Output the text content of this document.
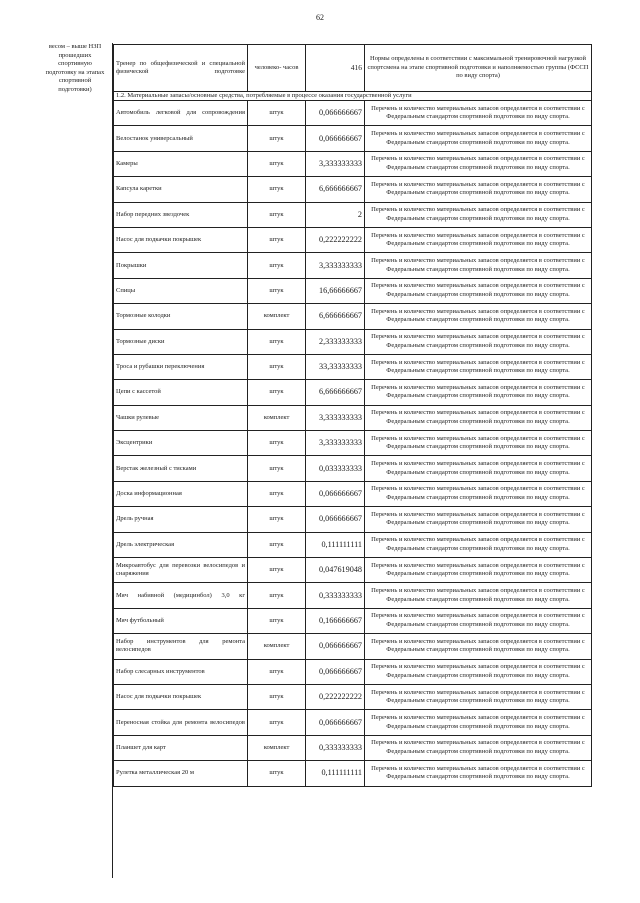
62
весом – выше НЗП
прошедших
спортивную
подготовку на этапах
спортивной
подготовки)
Тренер по общефизической и специальной физической подготовке	человеко- часов	416	Нормы определены в соответствии с максимальной тренировочной нагрузкой спортсмена на этапе спортивной подготовки и наполняемостью группы (ФССП по виду спорта)
1.2. Материальные запасы/основные средства, потребляемые в процессе оказания государственной услуги			
Автомобиль легковой для сопровождения	штук	0,066666667	Перечень и количество материальных запасов определяется в соответствии с Федеральным стандартом спортивной подготовки по виду спорта.
Велостанок универсальный	штук	0,066666667	Перечень и количество материальных запасов определяется в соответствии с Федеральным стандартом спортивной подготовки по виду спорта.
Камеры	штук	3,333333333	Перечень и количество материальных запасов определяется в соответствии с Федеральным стандартом спортивной подготовки по виду спорта.
Капсула каретки	штук	6,666666667	Перечень и количество материальных запасов определяется в соответствии с Федеральным стандартом спортивной подготовки по виду спорта.
Набор передних звездочек	штук	2	Перечень и количество материальных запасов определяется в соответствии с Федеральным стандартом спортивной подготовки по виду спорта.
Насос для подкачки покрышек	штук	0,222222222	Перечень и количество материальных запасов определяется в соответствии с Федеральным стандартом спортивной подготовки по виду спорта.
Покрышки	штук	3,333333333	Перечень и количество материальных запасов определяется в соответствии с Федеральным стандартом спортивной подготовки по виду спорта.
Спицы	штук	16,66666667	Перечень и количество материальных запасов определяется в соответствии с Федеральным стандартом спортивной подготовки по виду спорта.
Тормозные колодки	комплект	6,666666667	Перечень и количество материальных запасов определяется в соответствии с Федеральным стандартом спортивной подготовки по виду спорта.
Тормозные диски	штук	2,333333333	Перечень и количество материальных запасов определяется в соответствии с Федеральным стандартом спортивной подготовки по виду спорта.
Троса и рубашки переключения	штук	33,33333333	Перечень и количество материальных запасов определяется в соответствии с Федеральным стандартом спортивной подготовки по виду спорта.
Цепи с кассетой	штук	6,666666667	Перечень и количество материальных запасов определяется в соответствии с Федеральным стандартом спортивной подготовки по виду спорта.
Чашки рулевые	комплект	3,333333333	Перечень и количество материальных запасов определяется в соответствии с Федеральным стандартом спортивной подготовки по виду спорта.
Эксцентрики	штук	3,333333333	Перечень и количество материальных запасов определяется в соответствии с Федеральным стандартом спортивной подготовки по виду спорта.
Верстак железный с тисками	штук	0,033333333	Перечень и количество материальных запасов определяется в соответствии с Федеральным стандартом спортивной подготовки по виду спорта.
Доска информационная	штук	0,066666667	Перечень и количество материальных запасов определяется в соответствии с Федеральным стандартом спортивной подготовки по виду спорта.
Дрель ручная	штук	0,066666667	Перечень и количество материальных запасов определяется в соответствии с Федеральным стандартом спортивной подготовки по виду спорта.
Дрель электрическая	штук	0,111111111	Перечень и количество материальных запасов определяется в соответствии с Федеральным стандартом спортивной подготовки по виду спорта.
Микроавтобус для перевозки велосипедов и снаряжения	штук	0,047619048	Перечень и количество материальных запасов определяется в соответствии с Федеральным стандартом спортивной подготовки по виду спорта.
Мяч набивной (медицинбол) 3,0 кг	штук	0,333333333	Перечень и количество материальных запасов определяется в соответствии с Федеральным стандартом спортивной подготовки по виду спорта.
Мяч футбольный	штук	0,166666667	Перечень и количество материальных запасов определяется в соответствии с Федеральным стандартом спортивной подготовки по виду спорта.
Набор инструментов для ремонта велосипедов	комплект	0,066666667	Перечень и количество материальных запасов определяется в соответствии с Федеральным стандартом спортивной подготовки по виду спорта.
Набор слесарных инструментов	штук	0,066666667	Перечень и количество материальных запасов определяется в соответствии с Федеральным стандартом спортивной подготовки по виду спорта.
Насос для подкачки покрышек	штук	0,222222222	Перечень и количество материальных запасов определяется в соответствии с Федеральным стандартом спортивной подготовки по виду спорта.
Переносная стойка для ремонта велосипедов	штук	0,066666667	Перечень и количество материальных запасов определяется в соответствии с Федеральным стандартом спортивной подготовки по виду спорта.
Планшет для карт	комплект	0,333333333	Перечень и количество материальных запасов определяется в соответствии с Федеральным стандартом спортивной подготовки по виду спорта.
Рулетка металлическая 20 м	штук	0,111111111	Перечень и количество материальных запасов определяется в соответствии с Федеральным стандартом спортивной подготовки по виду спорта.
